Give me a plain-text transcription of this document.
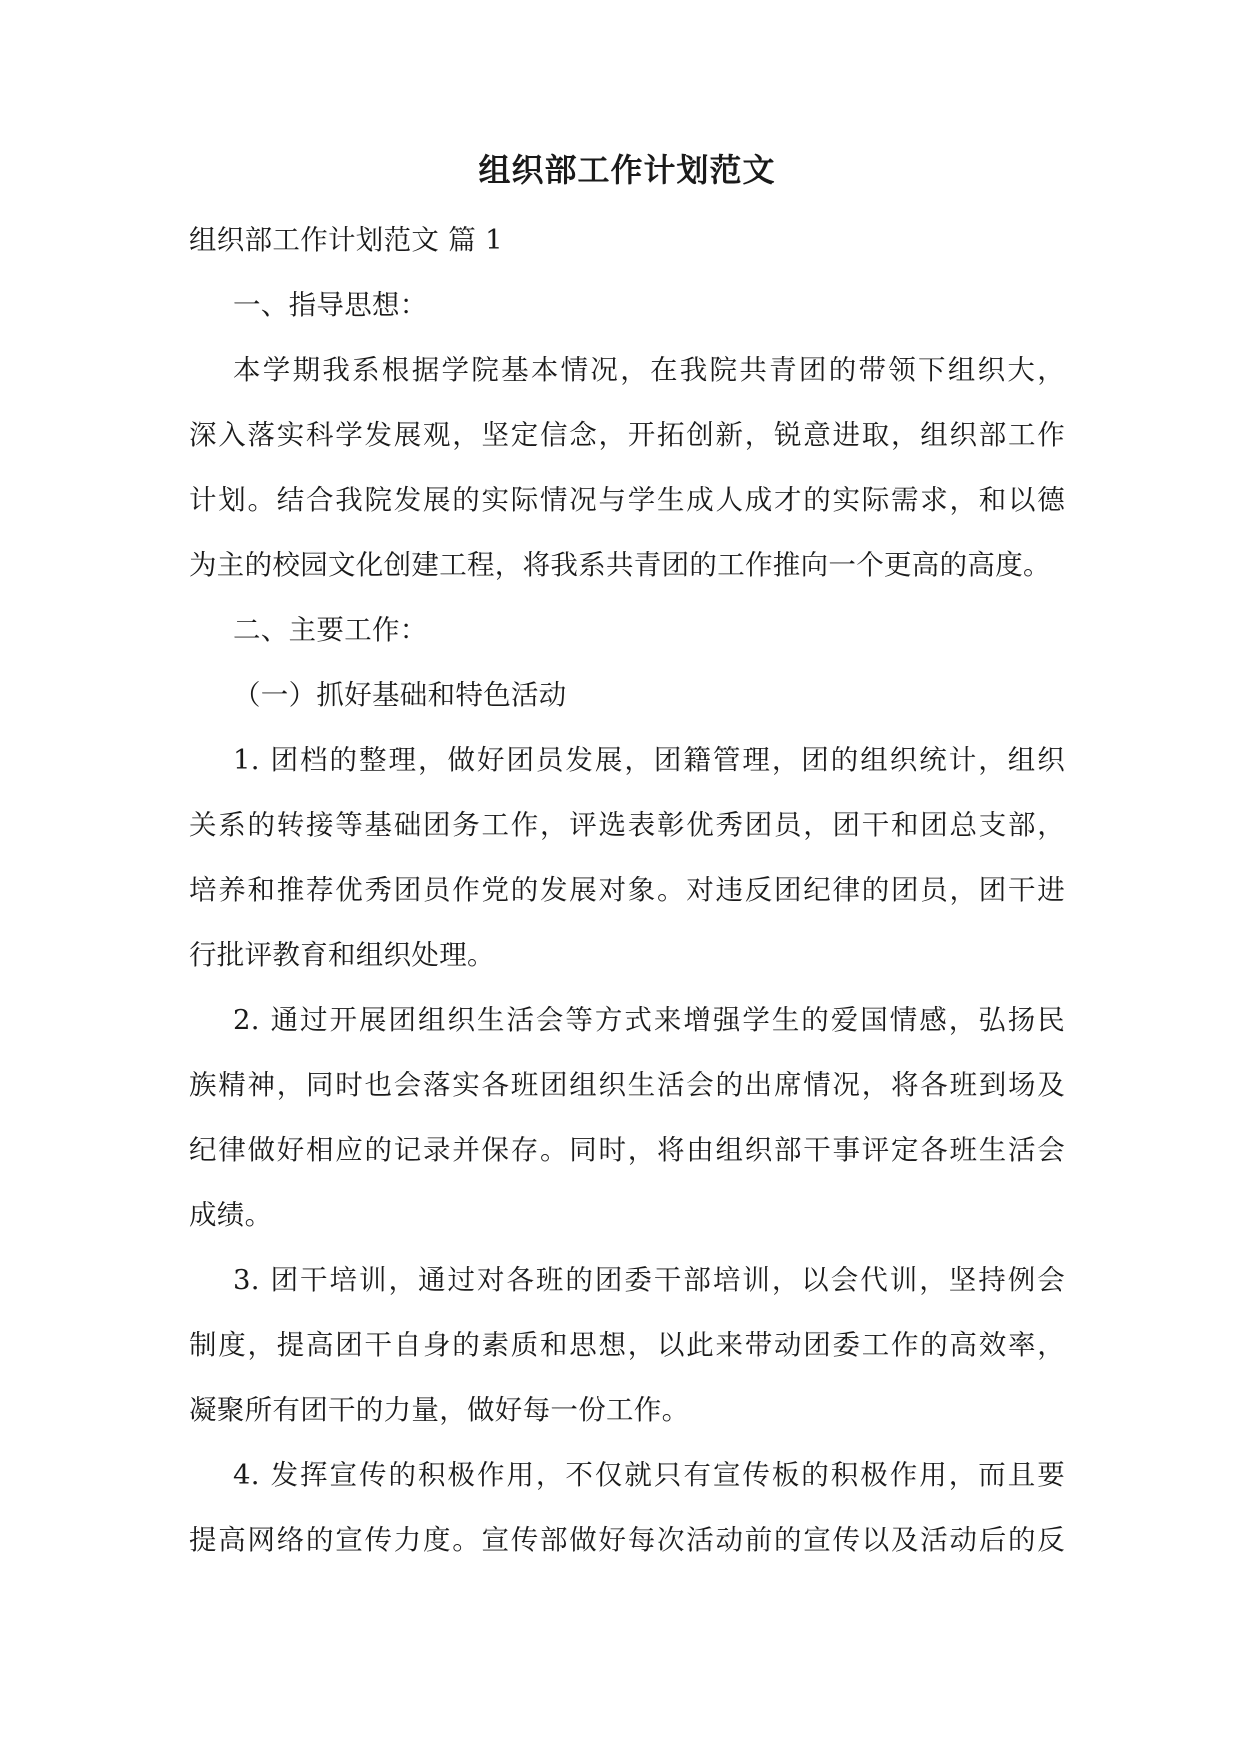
组织部工作计划范文

组织部工作计划范文 篇 1

一、指导思想：

本学期我系根据学院基本情况，在我院共青团的带领下组织大，

深入落实科学发展观，坚定信念，开拓创新，锐意进取，组织部工作

计划。结合我院发展的实际情况与学生成人成才的实际需求，和以德

为主的校园文化创建工程，将我系共青团的工作推向一个更高的高度。

二、主要工作：

（一）抓好基础和特色活动

1. 团档的整理，做好团员发展，团籍管理，团的组织统计，组织

关系的转接等基础团务工作，评选表彰优秀团员，团干和团总支部，

培养和推荐优秀团员作党的发展对象。对违反团纪律的团员，团干进

行批评教育和组织处理。

2. 通过开展团组织生活会等方式来增强学生的爱国情感，弘扬民

族精神，同时也会落实各班团组织生活会的出席情况，将各班到场及

纪律做好相应的记录并保存。同时，将由组织部干事评定各班生活会

成绩。

3. 团干培训，通过对各班的团委干部培训，以会代训，坚持例会

制度，提高团干自身的素质和思想，以此来带动团委工作的高效率，

凝聚所有团干的力量，做好每一份工作。

4. 发挥宣传的积极作用，不仅就只有宣传板的积极作用，而且要

提高网络的宣传力度。宣传部做好每次活动前的宣传以及活动后的反
